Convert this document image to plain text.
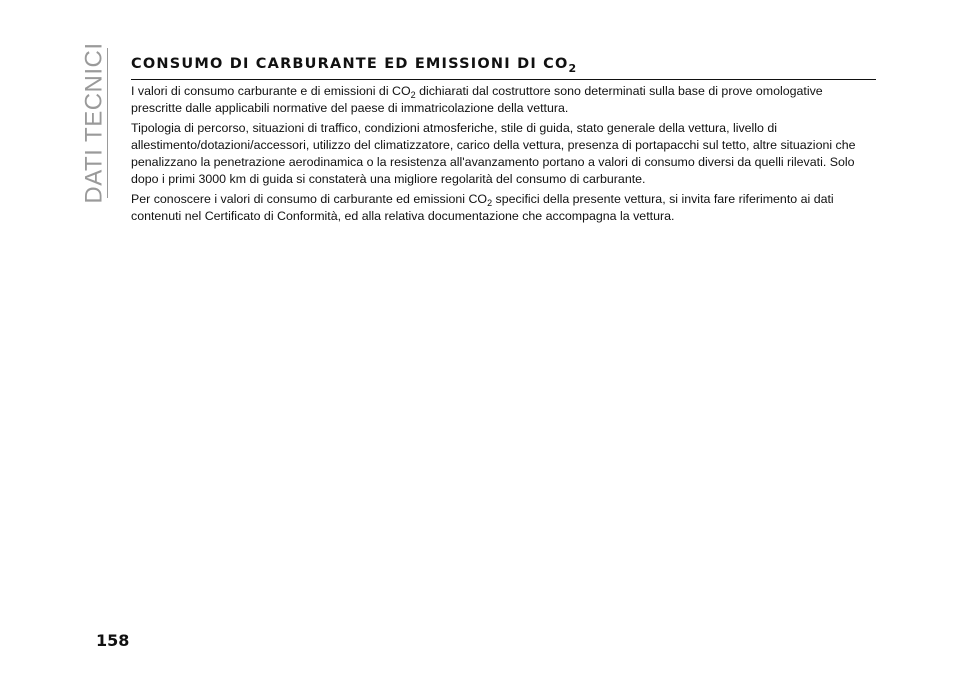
DATI TECNICI CONSUMO DI CARBURANTE ED EMISSIONI DI $CO_2$

I valori di consumo carburante e di emissioni di $CO_2$ dichiarati dal costruttore sono determinati sulla base di prove omologative prescritte dalle applicabili normative del paese di immatricolazione della vettura.

Tipologia di percorso, situazioni di traffico, condizioni atmosferiche, stile di guida, stato generale della vettura, livello di allestimento/dotazioni/accessori, utilizzo del climatizzatore, carico della vettura, presenza di portapacchi sul tetto, altre situazioni che penalizzano la penetrazione aerodinamica o la resistenza all'avanzamento portano a valori di consumo diversi da quelli rilevati. Solo dopo i primi 3000 km di guida si constaterà una migliore regolarità del consumo di carburante.

Per conoscere i valori di consumo di carburante ed emissioni $CO_2$ specifici della presente vettura, si invita fare riferimento ai dati contenuti nel Certificato di Conformità, ed alla relativa documentazione che accompagna la vettura.

158
